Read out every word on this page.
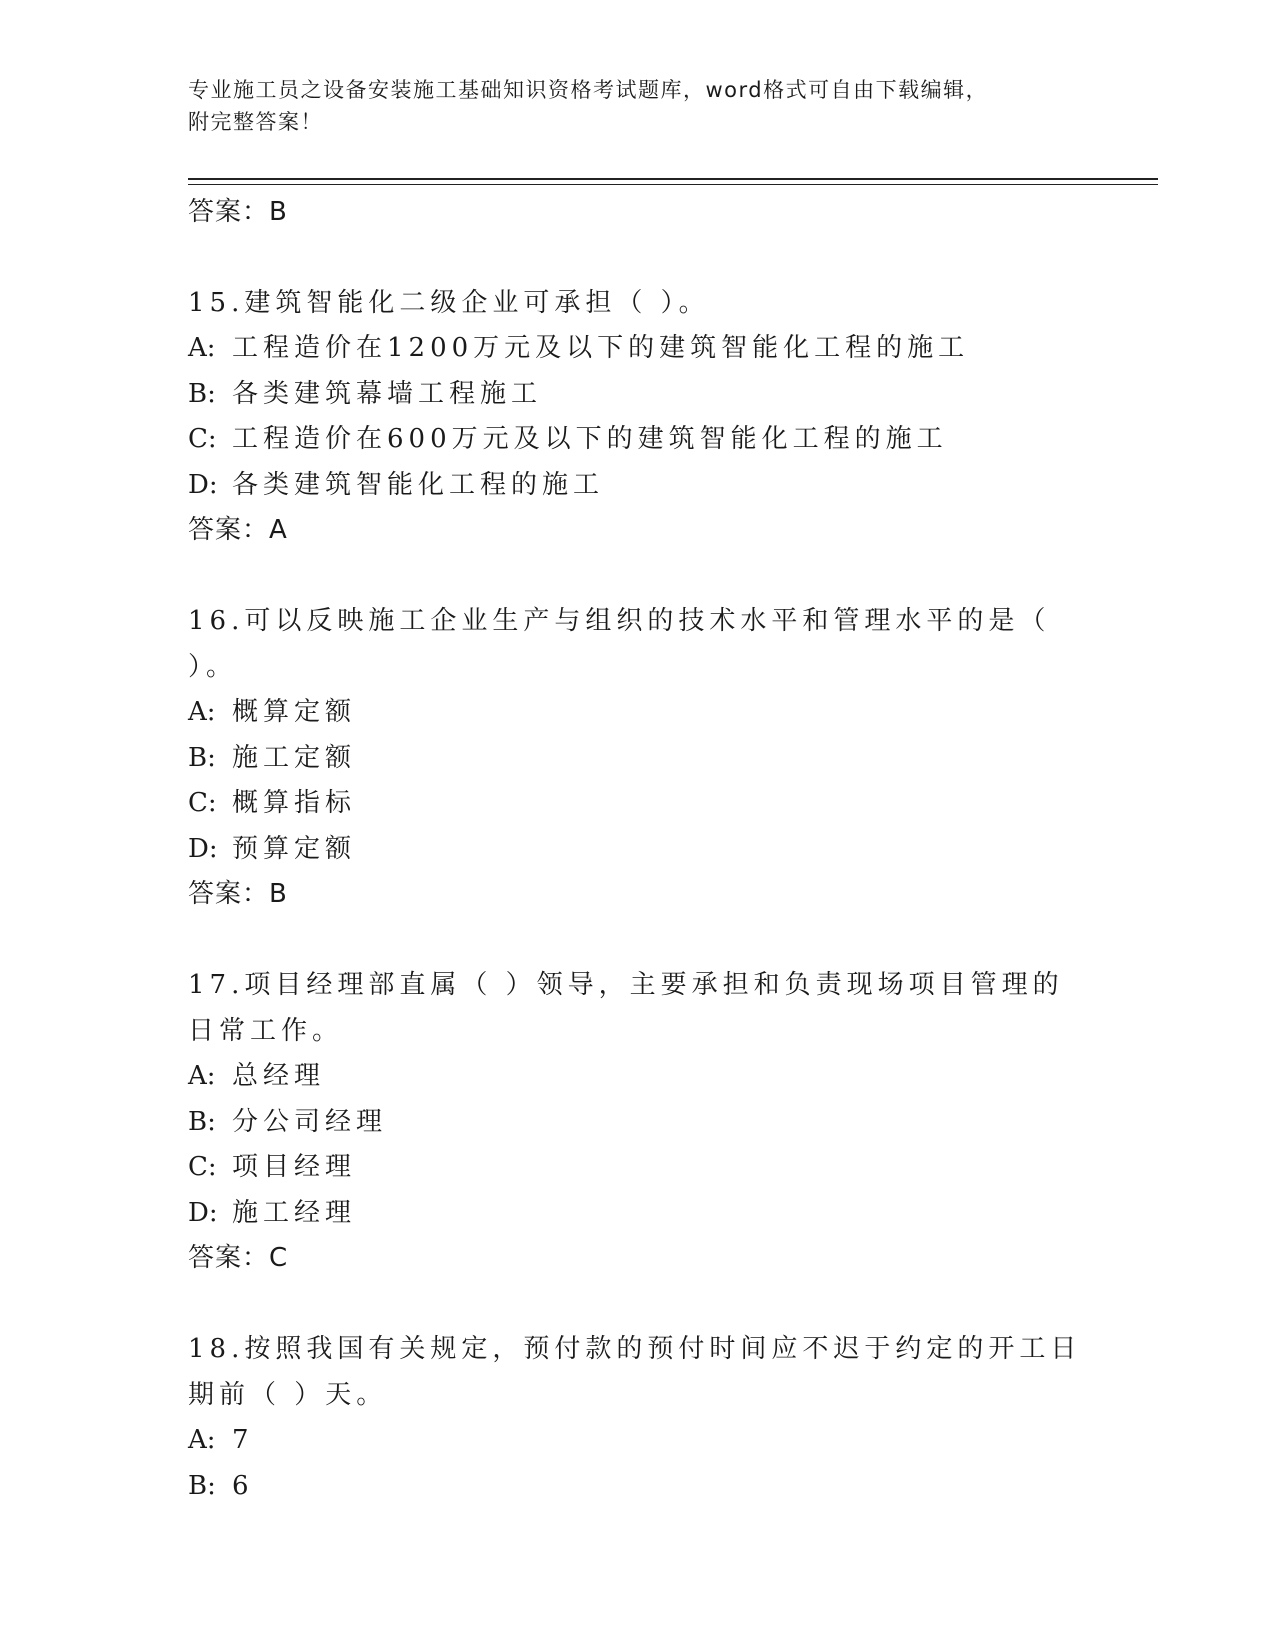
专业施工员之设备安装施工基础知识资格考试题库，word格式可自由下载编辑，
附完整答案！
答案：B
15.建筑智能化二级企业可承担（ ）。
A: 工程造价在1200万元及以下的建筑智能化工程的施工
B: 各类建筑幕墙工程施工
C: 工程造价在600万元及以下的建筑智能化工程的施工
D: 各类建筑智能化工程的施工
答案：A
16.可以反映施工企业生产与组织的技术水平和管理水平的是（ ）。
A: 概算定额
B: 施工定额
C: 概算指标
D: 预算定额
答案：B
17.项目经理部直属（ ）领导，主要承担和负责现场项目管理的日常工作。
A: 总经理
B: 分公司经理
C: 项目经理
D: 施工经理
答案：C
18.按照我国有关规定，预付款的预付时间应不迟于约定的开工日期前（ ）天。
A: 7
B: 6
